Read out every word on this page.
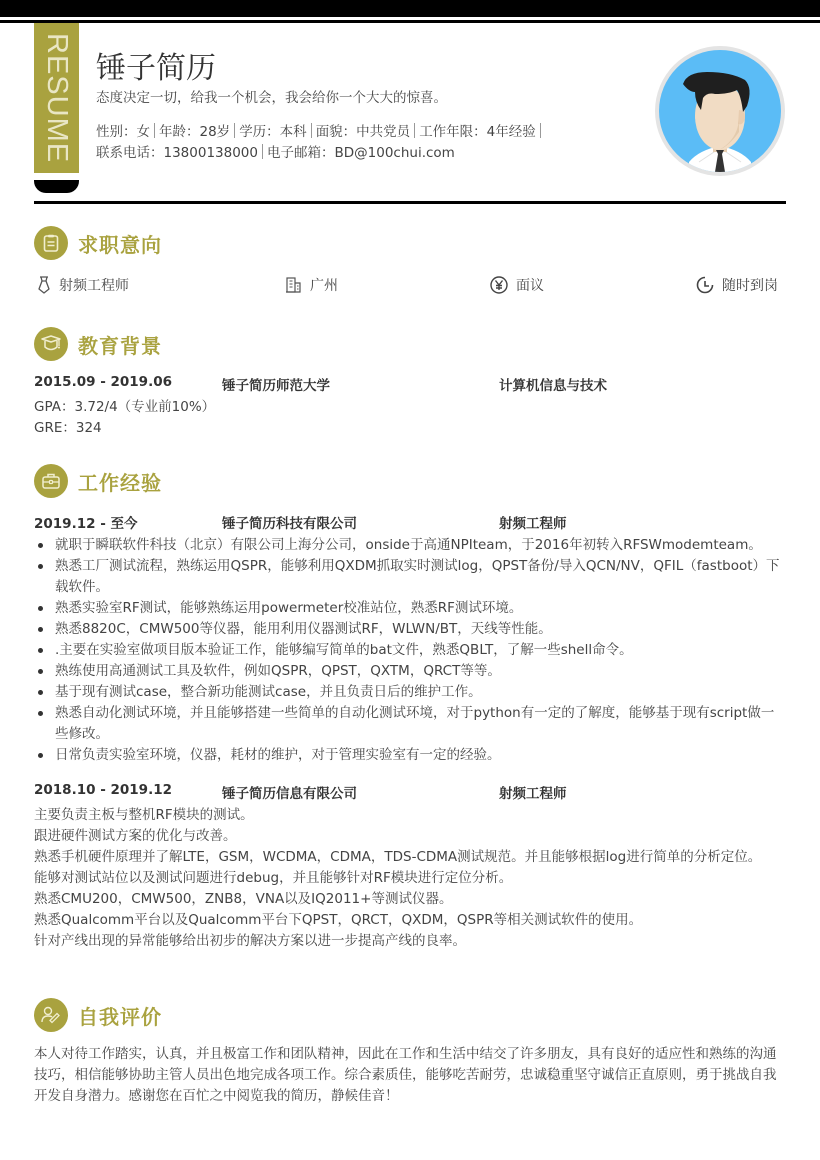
RESUME 锤子简历
态度决定一切，给我一个机会，我会给你一个大大的惊喜。
性别：女 年龄：28岁 学历：本科 面貌：中共党员 工作年限：4年经验
联系电话：13800138000 电子邮箱：BD@100chui.com
求职意向
射频工程师	广州	面议	随时到岗
教育背景
2015.09 - 2019.06	锤子简历师范大学	计算机信息与技术
GPA：3.72/4（专业前10%）
GRE：324
工作经验
2019.12 - 至今	锤子简历科技有限公司	射频工程师
就职于瞬联软件科技（北京）有限公司上海分公司，onside于高通NPIteam，于2016年初转入RFSWmodemteam。
熟悉工厂测试流程，熟练运用QSPR，能够利用QXDM抓取实时测试log，QPST备份/导入QCN/NV，QFIL（fastboot）下载软件。
熟悉实验室RF测试，能够熟练运用powermeter校准站位，熟悉RF测试环境。
熟悉8820C，CMW500等仪器，能用利用仪器测试RF，WLWN/BT，天线等性能。
.主要在实验室做项目版本验证工作，能够编写简单的bat文件，熟悉QBLT，了解一些shell命令。
熟练使用高通测试工具及软件，例如QSPR，QPST，QXTM，QRCT等等。
基于现有测试case，整合新功能测试case，并且负责日后的维护工作。
熟悉自动化测试环境，并且能够搭建一些简单的自动化测试环境，对于python有一定的了解度，能够基于现有script做一些修改。
日常负责实验室环境，仪器，耗材的维护，对于管理实验室有一定的经验。
2018.10 - 2019.12	锤子简历信息有限公司	射频工程师
主要负责主板与整机RF模块的测试。
跟进硬件测试方案的优化与改善。
熟悉手机硬件原理并了解LTE，GSM，WCDMA，CDMA，TDS-CDMA测试规范。并且能够根据log进行简单的分析定位。
能够对测试站位以及测试问题进行debug，并且能够针对RF模块进行定位分析。
熟悉CMU200，CMW500，ZNB8，VNA以及IQ2011+等测试仪器。
熟悉Qualcomm平台以及Qualcomm平台下QPST，QRCT，QXDM，QSPR等相关测试软件的使用。
针对产线出现的异常能够给出初步的解决方案以进一步提高产线的良率。
自我评价
本人对待工作踏实，认真，并且极富工作和团队精神，因此在工作和生活中结交了许多朋友，具有良好的适应性和熟练的沟通技巧，相信能够协助主管人员出色地完成各项工作。综合素质佳，能够吃苦耐劳，忠诚稳重坚守诚信正直原则，勇于挑战自我开发自身潜力。感谢您在百忙之中阅览我的简历，静候佳音！
